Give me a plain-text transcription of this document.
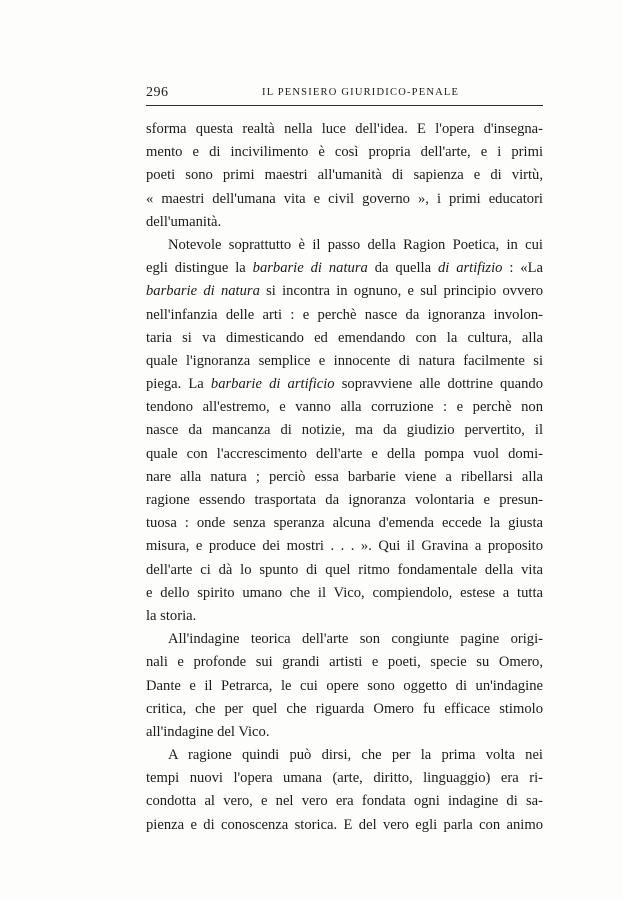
296	IL PENSIERO GIURIDICO-PENALE
sforma questa realtà nella luce dell'idea. E l'opera d'insegna-
mento e di incivilimento è così propria dell'arte, e i primi
poeti sono primi maestri all'umanità di sapienza e di virtù,
« maestri dell'umana vita e civil governo », i primi educatori
dell'umanità.
Notevole soprattutto è il passo della Ragion Poetica, in cui
egli distingue la barbarie di natura da quella di artifizio : «La
barbarie di natura si incontra in ognuno, e sul principio ovvero
nell'infanzia delle arti : e perchè nasce da ignoranza involon-
taria si va dimesticando ed emendando con la cultura, alla
quale l'ignoranza semplice e innocente di natura facilmente si
piega. La barbarie di artificio sopravviene alle dottrine quando
tendono all'estremo, e vanno alla corruzione : e perchè non
nasce da mancanza di notizie, ma da giudizio pervertito, il
quale con l'accrescimento dell'arte e della pompa vuol domi-
nare alla natura ; perciò essa barbarie viene a ribellarsi alla
ragione essendo trasportata da ignoranza volontaria e presun-
tuosa : onde senza speranza alcuna d'emenda eccede la giusta
misura, e produce dei mostri . . . ». Qui il Gravina a proposito
dell'arte ci dà lo spunto di quel ritmo fondamentale della vita
e dello spirito umano che il Vico, compiendolo, estese a tutta
la storia.
All'indagine teorica dell'arte son congiunte pagine origi-
nali e profonde sui grandi artisti e poeti, specie su Omero,
Dante e il Petrarca, le cui opere sono oggetto di un'indagine
critica, che per quel che riguarda Omero fu efficace stimolo
all'indagine del Vico.
A ragione quindi può dirsi, che per la prima volta nei
tempi nuovi l'opera umana (arte, diritto, linguaggio) era ri-
condotta al vero, e nel vero era fondata ogni indagine di sa-
pienza e di conoscenza storica. E del vero egli parla con animo
